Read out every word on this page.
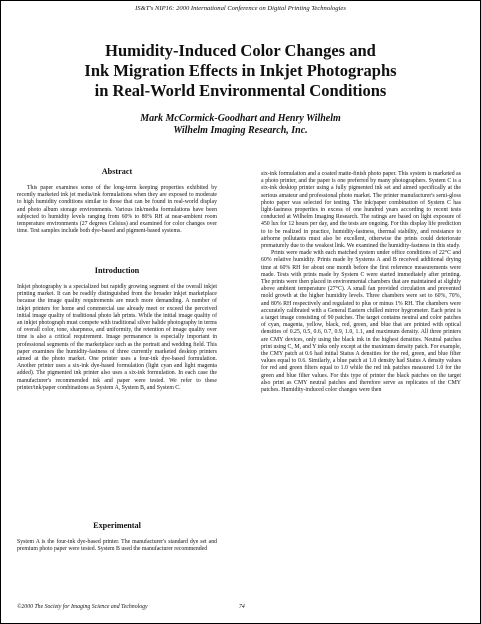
IS&T's NIP16: 2000 International Conference on Digital Printing Technologies
Humidity-Induced Color Changes and
Ink Migration Effects in Inkjet Photographs
in Real-World Environmental Conditions
Mark McCormick-Goodhart and Henry Wilhelm
Wilhelm Imaging Research, Inc.
Abstract

This paper examines some of the long-term keeping properties exhibited by recently marketed ink jet media/ink formulations when they are exposed to moderate to high humidity conditions similar to those that can be found in real-world display and photo album storage environments. Various ink/media formulations have been subjected to humidity levels ranging from 60% to 80% RH at near-ambient room temperature environments (27 degrees Celsius) and examined for color changes over time. Test samples include both dye-based and pigment-based systems.

Introduction

Inkjet photography is a specialized but rapidly growing segment of the overall inkjet printing market. It can be readily distinguished from the broader inkjet marketplace because the image quality requirements are much more demanding. A number of inkjet printers for home and commercial use already meet or exceed the perceived initial image quality of traditional photo lab prints. While the initial image quality of an inkjet photograph must compete with traditional silver halide photography in terms of overall color, tone, sharpness, and uniformity, the retention of image quality over time is also a critical requirement. Image permanence is especially important in professional segments of the marketplace such as the portrait and wedding field. This paper examines the humidity-fastness of three currently marketed desktop printers aimed at the photo market. One printer uses a four-ink dye-based formulation. Another printer uses a six-ink dye-based formulation (light cyan and light magenta added). The pigmented ink printer also uses a six-ink formulation. In each case the manufacturer's recommended ink and paper were tested. We refer to these printer/ink/paper combinations as System A, System B, and System C.

Experimental

System A is the four-ink dye-based printer. The manufacturer's standard dye set and premium photo paper were tested. System B used the manufacturer recommended

six-ink formulation and a coated matte-finish photo paper. This system is marketed as a photo printer, and the paper is one preferred by many photographers. System C is a six-ink desktop printer using a fully pigmented ink set and aimed specifically at the serious amateur and professional photo market. The printer manufacturer's semi-gloss photo paper was selected for testing. The ink/paper combination of System C has light-fastness properties in excess of one hundred years according to recent tests conducted at Wilhelm Imaging Research. The ratings are based on light exposure of 450 lux for 12 hours per day, and the tests are ongoing. For this display life prediction to to be realized in practice, humidity-fastness, thermal stability, and resistance to airborne pollutants must also be excellent, otherwise the prints could deteriorate prematurely due to the weakest link. We examined the humidity-fastness in this study.

Prints were made with each matched system under office conditions of 22°C and 60% relative humidity. Prints made by Systems A and B received additional drying time at 60% RH for about one month before the first reference measurements were made. Tests with prints made by System C were started immediately after printing. The prints were then placed in environmental chambers that are maintained at slightly above ambient temperature (27°C). A small fan provided circulation and prevented mold growth at the higher humidity levels. Three chambers were set to 60%, 70%, and 80% RH respectively and regulated to plus or minus 1% RH. The chambers were accurately calibrated with a General Eastern chilled mirror hygrometer. Each print is a target image consisting of 90 patches. The target contains neutral and color patches of cyan, magenta, yellow, black, red, green, and blue that are printed with optical densities of 0.25, 0.5, 0.6, 0.7, 0.9, 1.0, 1.1, and maximum density. All three printers are CMY devices, only using the black ink in the highest densities. Neutral patches print using C, M, and Y inks only except at the maximum density patch. For example, the CMY patch at 0.6 had initial Status A densities for the red, green, and blue filter values equal to 0.6. Similarly, a blue patch at 1.0 density had Status A density values for red and green filters equal to 1.0 while the red ink patches measured 1.0 for the green and blue filter values. For this type of printer the black patches on the target also print as CMY neutral patches and therefore serve as replicates of the CMY patches. Humidity-induced color changes were then

©2000 The Society for Imaging Science and Technology	74
